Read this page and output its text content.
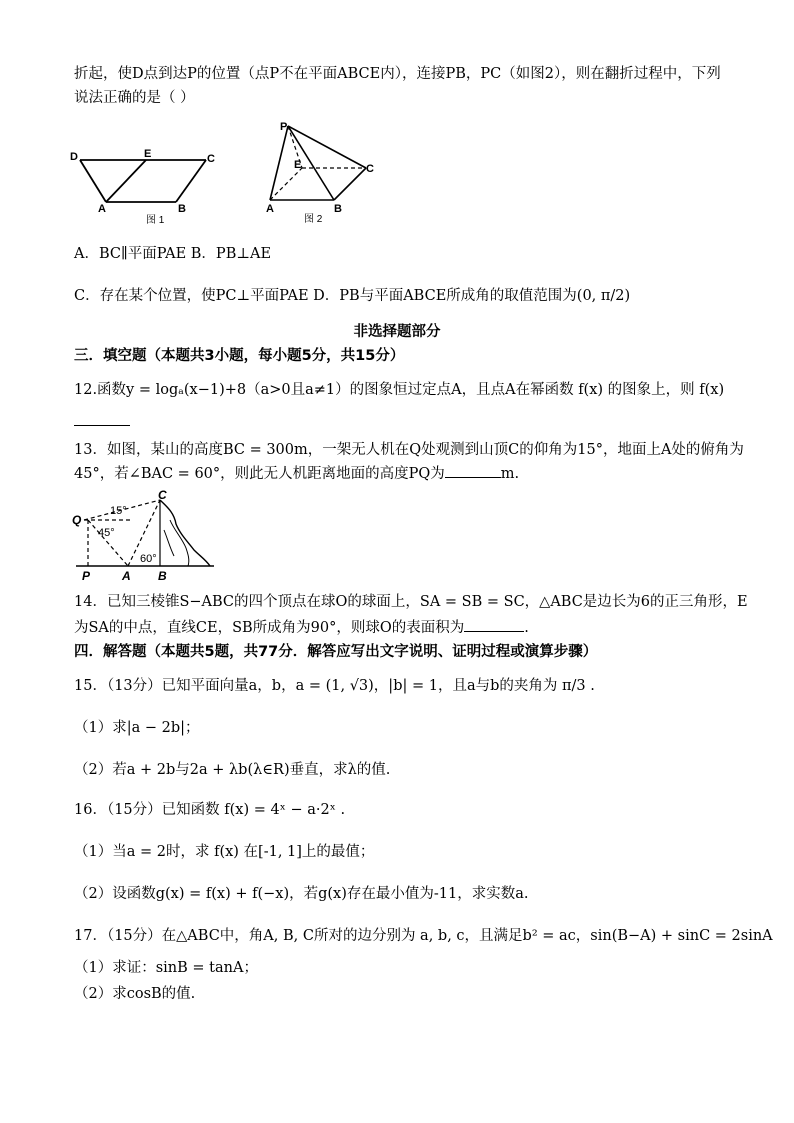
折起，使D点到达P的位置（点P不在平面ABCE内），连接PB，PC（如图2），则在翻折过程中，下列
说法正确的是（ ）
D	E	C
A	B
图 1
P
E	C
A	B
图 2
A．BC∥平面PAE B．PB⊥AE
C．存在某个位置，使PC⊥平面PAE D．PB与平面ABCE所成角的取值范围为(0, π/2)
非选择题部分
三．填空题（本题共3小题，每小题5分，共15分）
12.函数y = logₐ(x−1)+8（a>0且a≠1）的图象恒过定点A，且点A在幂函数 f(x) 的图象上，则 f(x)
13．如图，某山的高度BC = 300m，一架无人机在Q处观测到山顶C的仰角为15°，地面上A处的俯角为
45°，若∠BAC = 60°，则此无人机距离地面的高度PQ为	m.
Q
C
P	A B
15°
45°
60°
14．已知三棱锥S−ABC的四个顶点在球O的球面上，SA = SB = SC，△ABC是边长为6的正三角形，E
为SA的中点，直线CE，SB所成角为90°，则球O的表面积为	.
四．解答题（本题共5题，共77分．解答应写出文字说明、证明过程或演算步骤）
15．（13分）已知平面向量a，b，a = (1, √3)，|b| = 1，且a与b的夹角为 π/3 .
（1）求|a − 2b|；
（2）若a + 2b与2a + λb(λ∈R)垂直，求λ的值.
16．（15分）已知函数 f(x) = 4ˣ − a·2ˣ .
（1）当a = 2时，求 f(x) 在[-1, 1]上的最值；
（2）设函数g(x) = f(x) + f(−x)，若g(x)存在最小值为-11，求实数a.
17．（15分）在△ABC中，角A, B, C所对的边分别为 a, b, c，且满足b² = ac，sin(B−A) + sinC = 2sinA
（1）求证：sinB = tanA；
（2）求cosB的值.
